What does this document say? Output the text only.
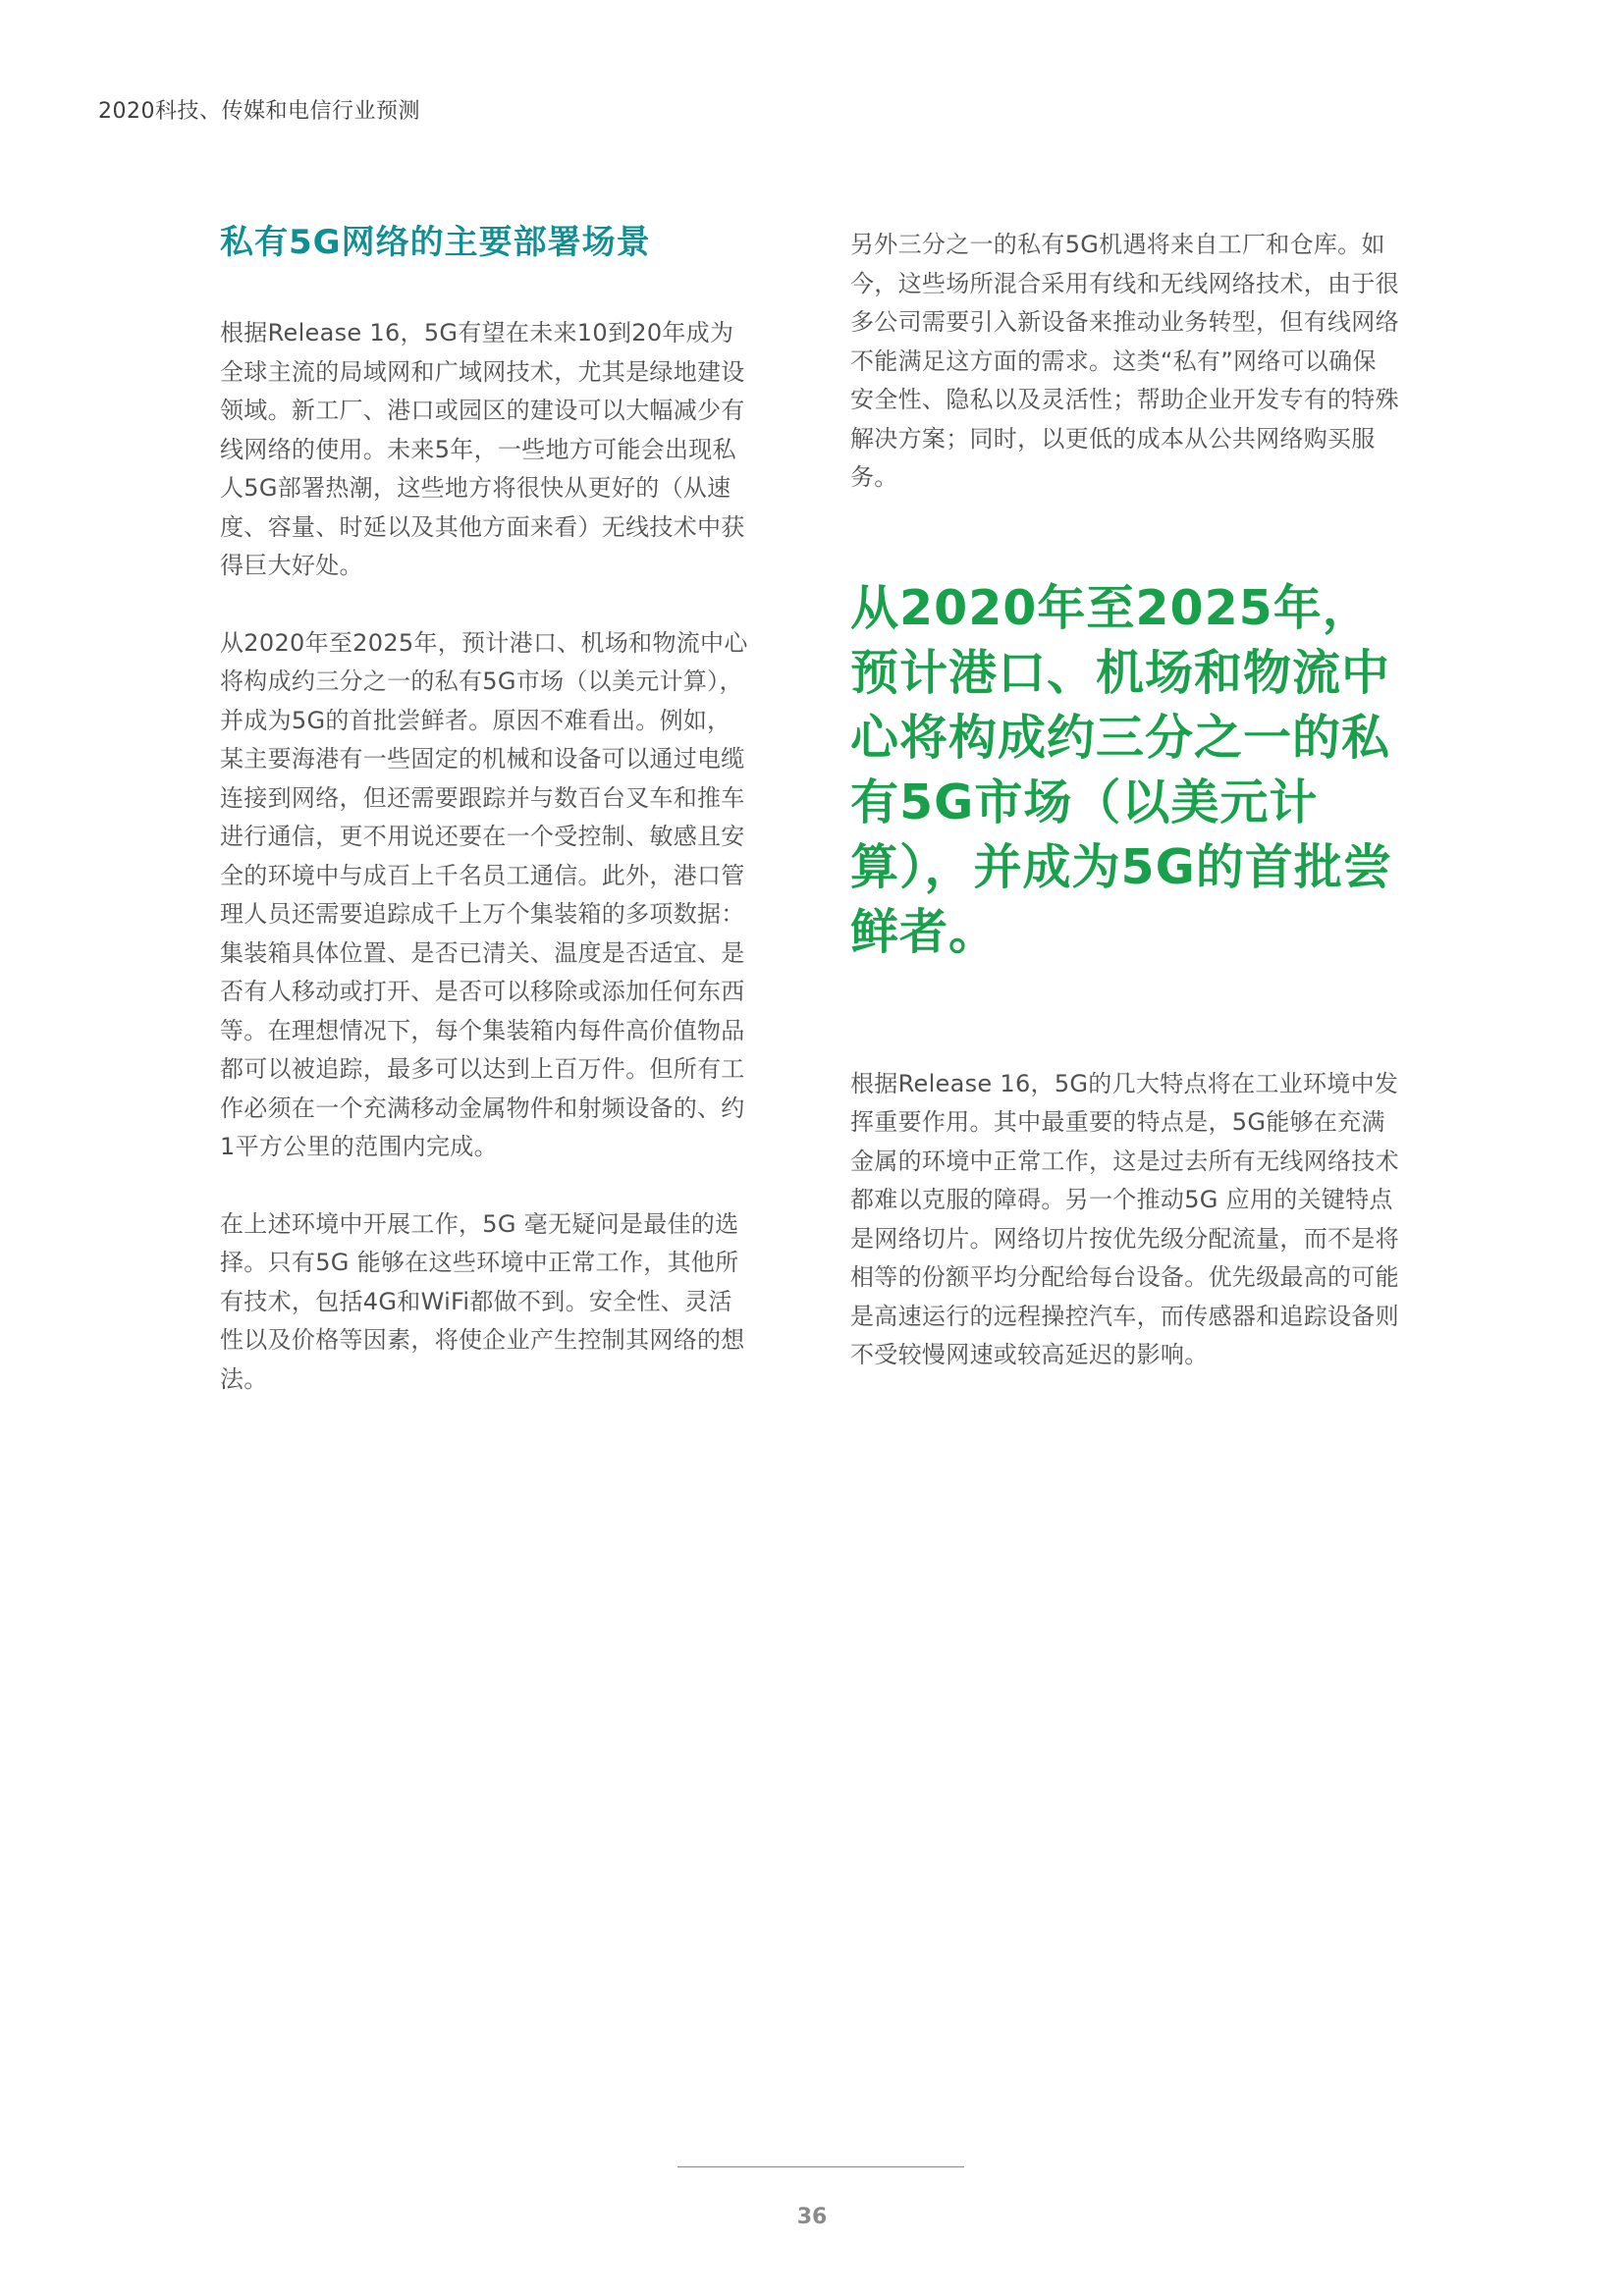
2020科技、传媒和电信行业预测
私有5G网络的主要部署场景

根据Release 16，5G有望在未来10到20年成为全球主流的局域网和广域网技术，尤其是绿地建设领域。新工厂、港口或园区的建设可以大幅减少有线网络的使用。未来5年，一些地方可能会出现私人5G部署热潮，这些地方将很快从更好的（从速度、容量、时延以及其他方面来看）无线技术中获得巨大好处。

从2020年至2025年，预计港口、机场和物流中心将构成约三分之一的私有5G市场（以美元计算），并成为5G的首批尝鲜者。原因不难看出。例如，某主要海港有一些固定的机械和设备可以通过电缆连接到网络，但还需要跟踪并与数百台叉车和推车进行通信，更不用说还要在一个受控制、敏感且安全的环境中与成百上千名员工通信。此外，港口管理人员还需要追踪成千上万个集装箱的多项数据：集装箱具体位置、是否已清关、温度是否适宜、是否有人移动或打开、是否可以移除或添加任何东西等。在理想情况下，每个集装箱内每件高价值物品都可以被追踪，最多可以达到上百万件。但所有工作必须在一个充满移动金属物件和射频设备的、约1平方公里的范围内完成。

在上述环境中开展工作，5G 毫无疑问是最佳的选择。只有5G 能够在这些环境中正常工作，其他所有技术，包括4G和WiFi都做不到。安全性、灵活性以及价格等因素，将使企业产生控制其网络的想法。

另外三分之一的私有5G机遇将来自工厂和仓库。如今，这些场所混合采用有线和无线网络技术，由于很多公司需要引入新设备来推动业务转型，但有线网络不能满足这方面的需求。这类“私有”网络可以确保安全性、隐私以及灵活性；帮助企业开发专有的特殊解决方案；同时，以更低的成本从公共网络购买服务。

从2020年至2025年，预计港口、机场和物流中心将构成约三分之一的私有5G市场（以美元计算），并成为5G的首批尝鲜者。

根据Release 16，5G的几大特点将在工业环境中发挥重要作用。其中最重要的特点是，5G能够在充满金属的环境中正常工作，这是过去所有无线网络技术都难以克服的障碍。另一个推动5G 应用的关键特点是网络切片。网络切片按优先级分配流量，而不是将相等的份额平均分配给每台设备。优先级最高的可能是高速运行的远程操控汽车，而传感器和追踪设备则不受较慢网速或较高延迟的影响。

36
